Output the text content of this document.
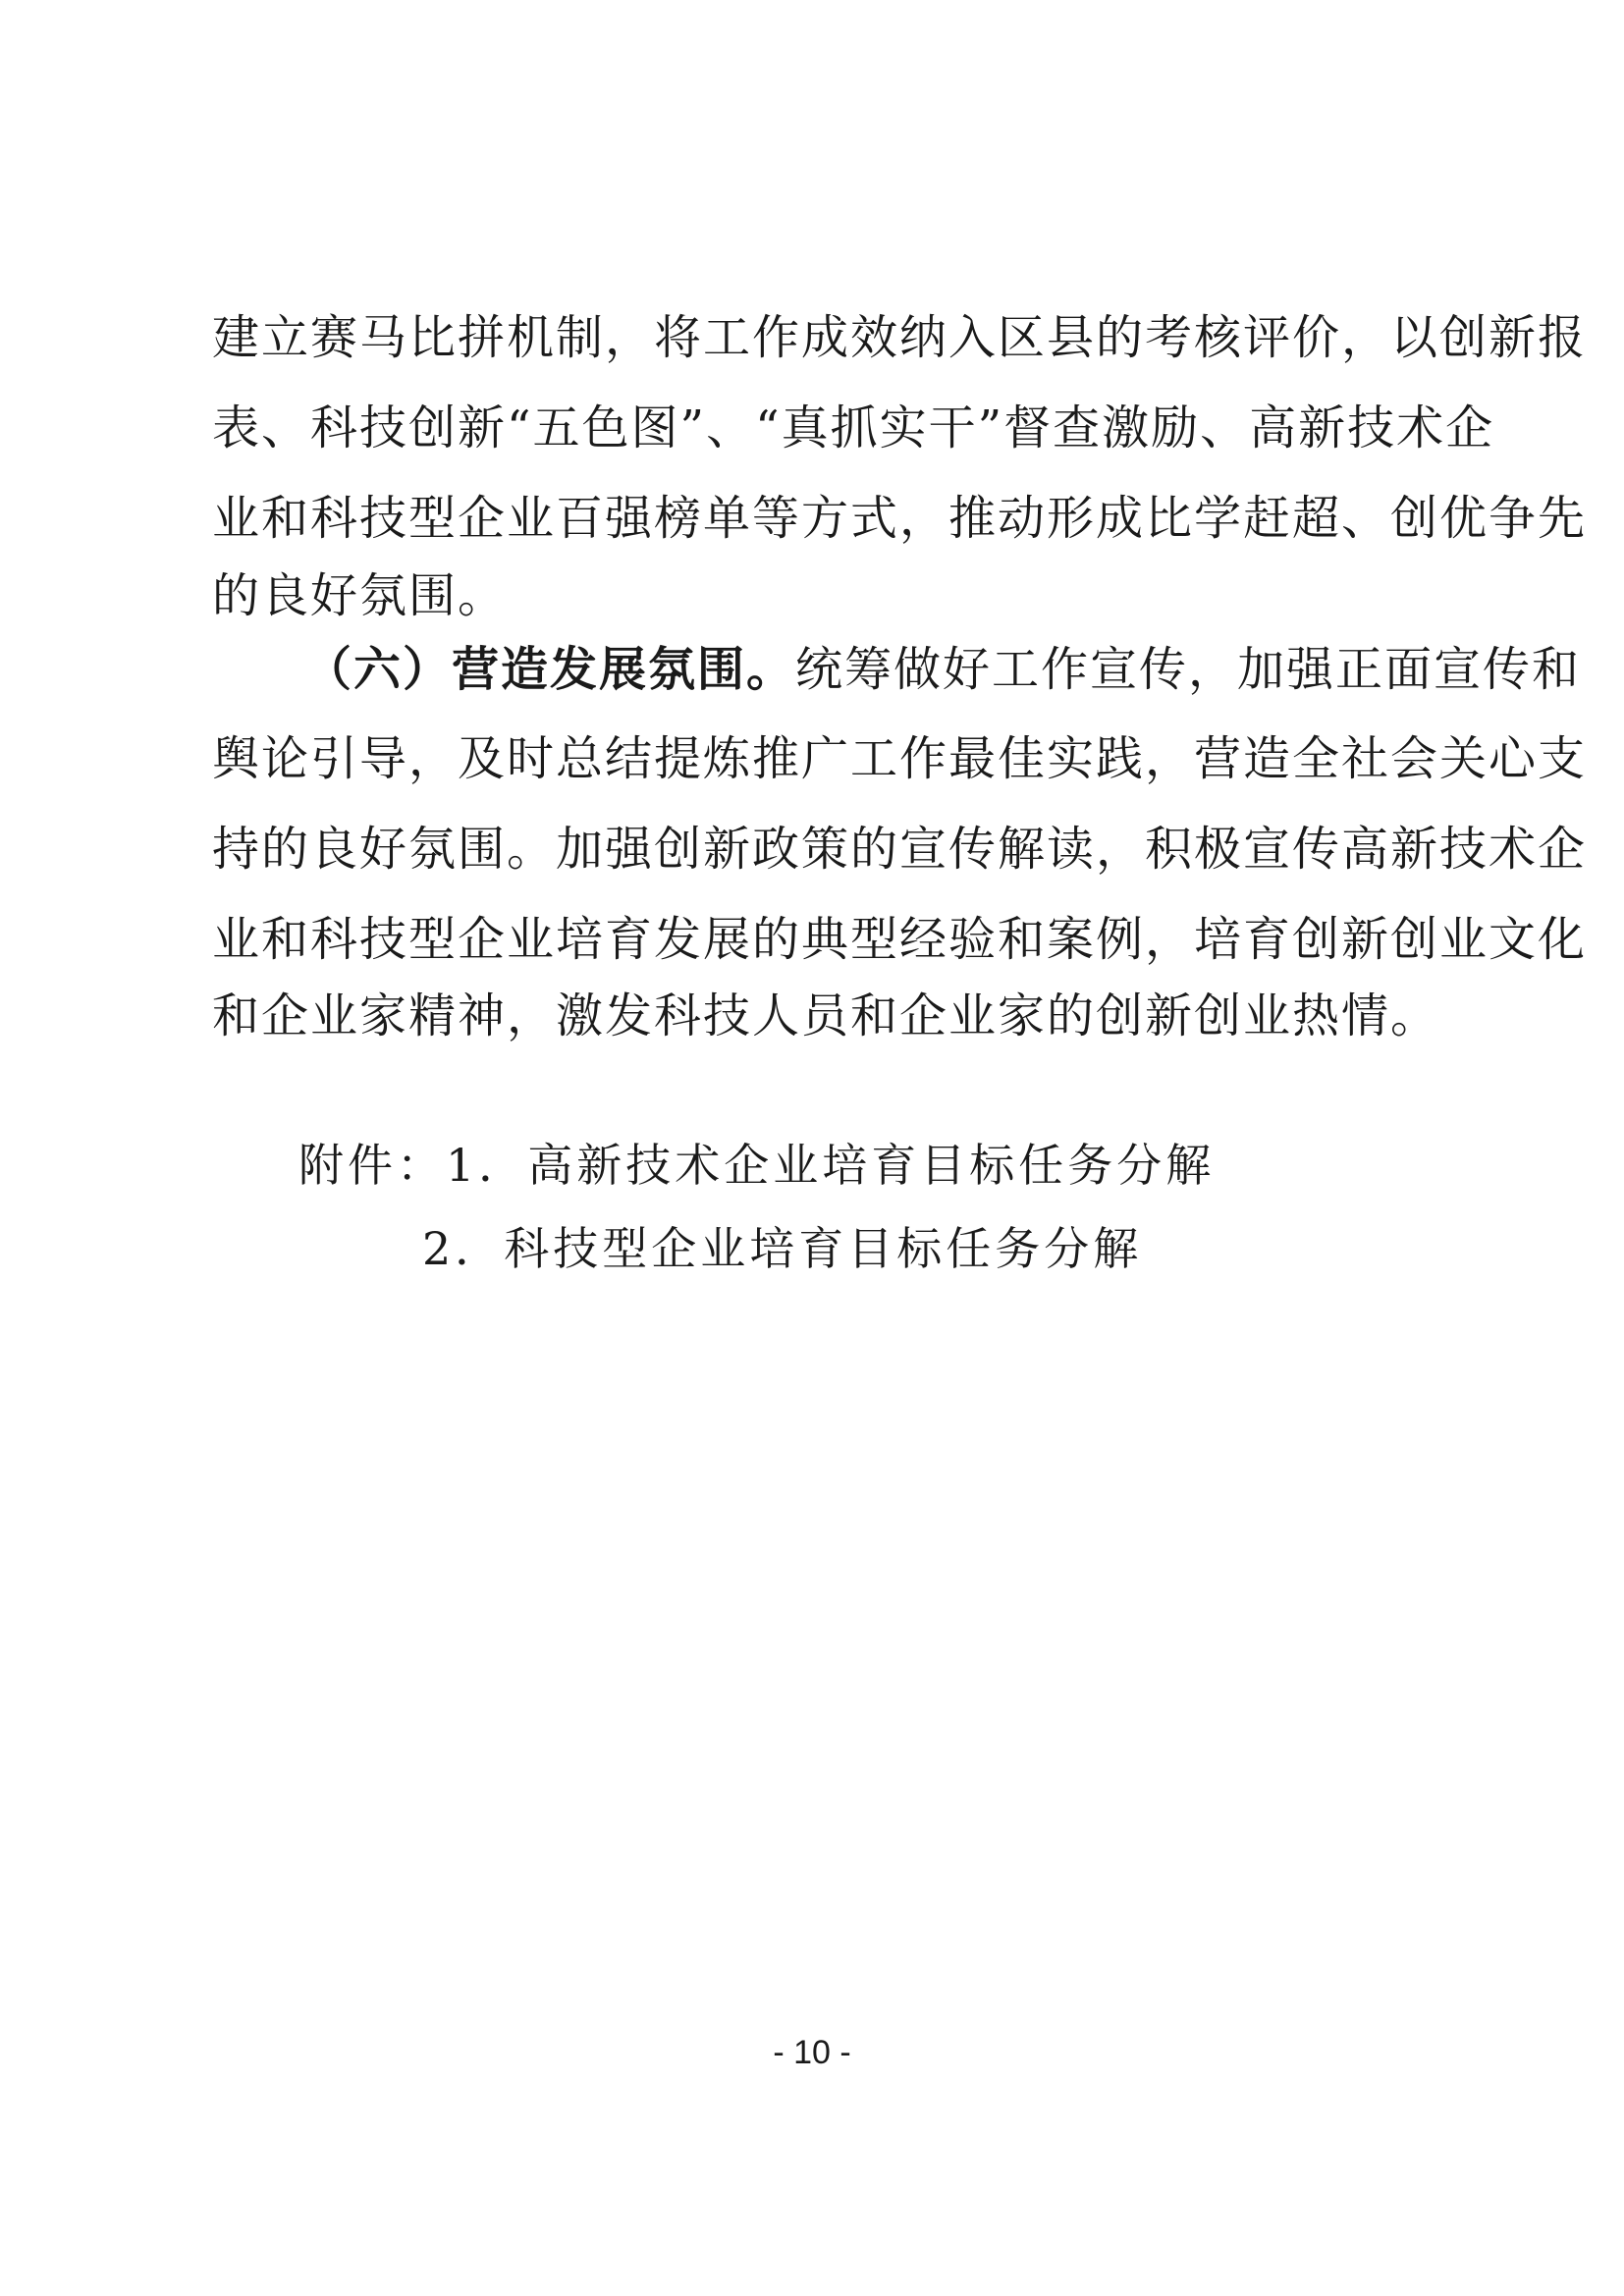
建立赛马比拼机制，将工作成效纳入区县的考核评价，以创新报
表、科技创新“五色图”、“真抓实干”督查激励、高新技术企
业和科技型企业百强榜单等方式，推动形成比学赶超、创优争先
的良好氛围。
（六）营造发展氛围。统筹做好工作宣传，加强正面宣传和
舆论引导，及时总结提炼推广工作最佳实践，营造全社会关心支
持的良好氛围。加强创新政策的宣传解读，积极宣传高新技术企
业和科技型企业培育发展的典型经验和案例，培育创新创业文化
和企业家精神，激发科技人员和企业家的创新创业热情。
附件：1．高新技术企业培育目标任务分解
2．科技型企业培育目标任务分解
- 10 -
